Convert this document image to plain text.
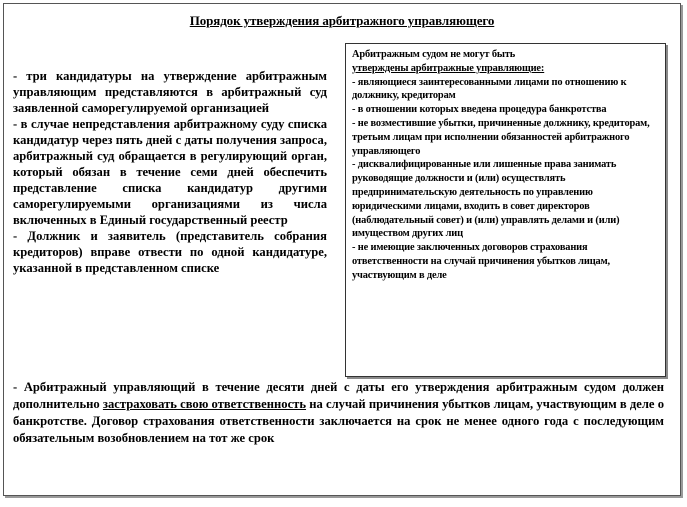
Порядок утверждения арбитражного управляющего

- три кандидатуры на утверждение арбитражным управляющим представляются в арбитражный суд заявленной саморегулируемой организацией

- в случае непредставления арбитражному суду списка кандидатур через пять дней с даты получения запроса, арбитражный суд обращается в регулирующий орган, который обязан в течение семи дней обеспечить представление списка кандидатур другими саморегулируемыми организациями из числа включенных в Единый государственный реестр

- Должник и заявитель (представитель собрания кредиторов) вправе отвести по одной кандидатуре, указанной в представленном списке

Арбитражным судом не могут быть
утверждены арбитражные управляющие:

- являющиеся заинтересованными лицами по отношению к должнику, кредиторам

- в отношении которых введена процедура банкротства

- не возместившие убытки, причиненные должнику, кредиторам, третьим лицам при исполнении обязанностей арбитражного управляющего

- дисквалифицированные или лишенные права занимать руководящие должности и (или) осуществлять предпринимательскую деятельность по управлению юридическими лицами, входить в совет директоров (наблюдательный совет) и (или) управлять делами и (или) имуществом других лиц

- не имеющие заключенных договоров страхования ответственности на случай причинения убытков лицам, участвующим в деле

- Арбитражный управляющий в течение десяти дней с даты его утверждения арбитражным судом должен дополнительно застраховать свою ответственность на случай причинения убытков лицам, участвующим в деле о банкротстве. Договор страхования ответственности заключается на срок не менее одного года с последующим обязательным возобновлением на тот же срок
